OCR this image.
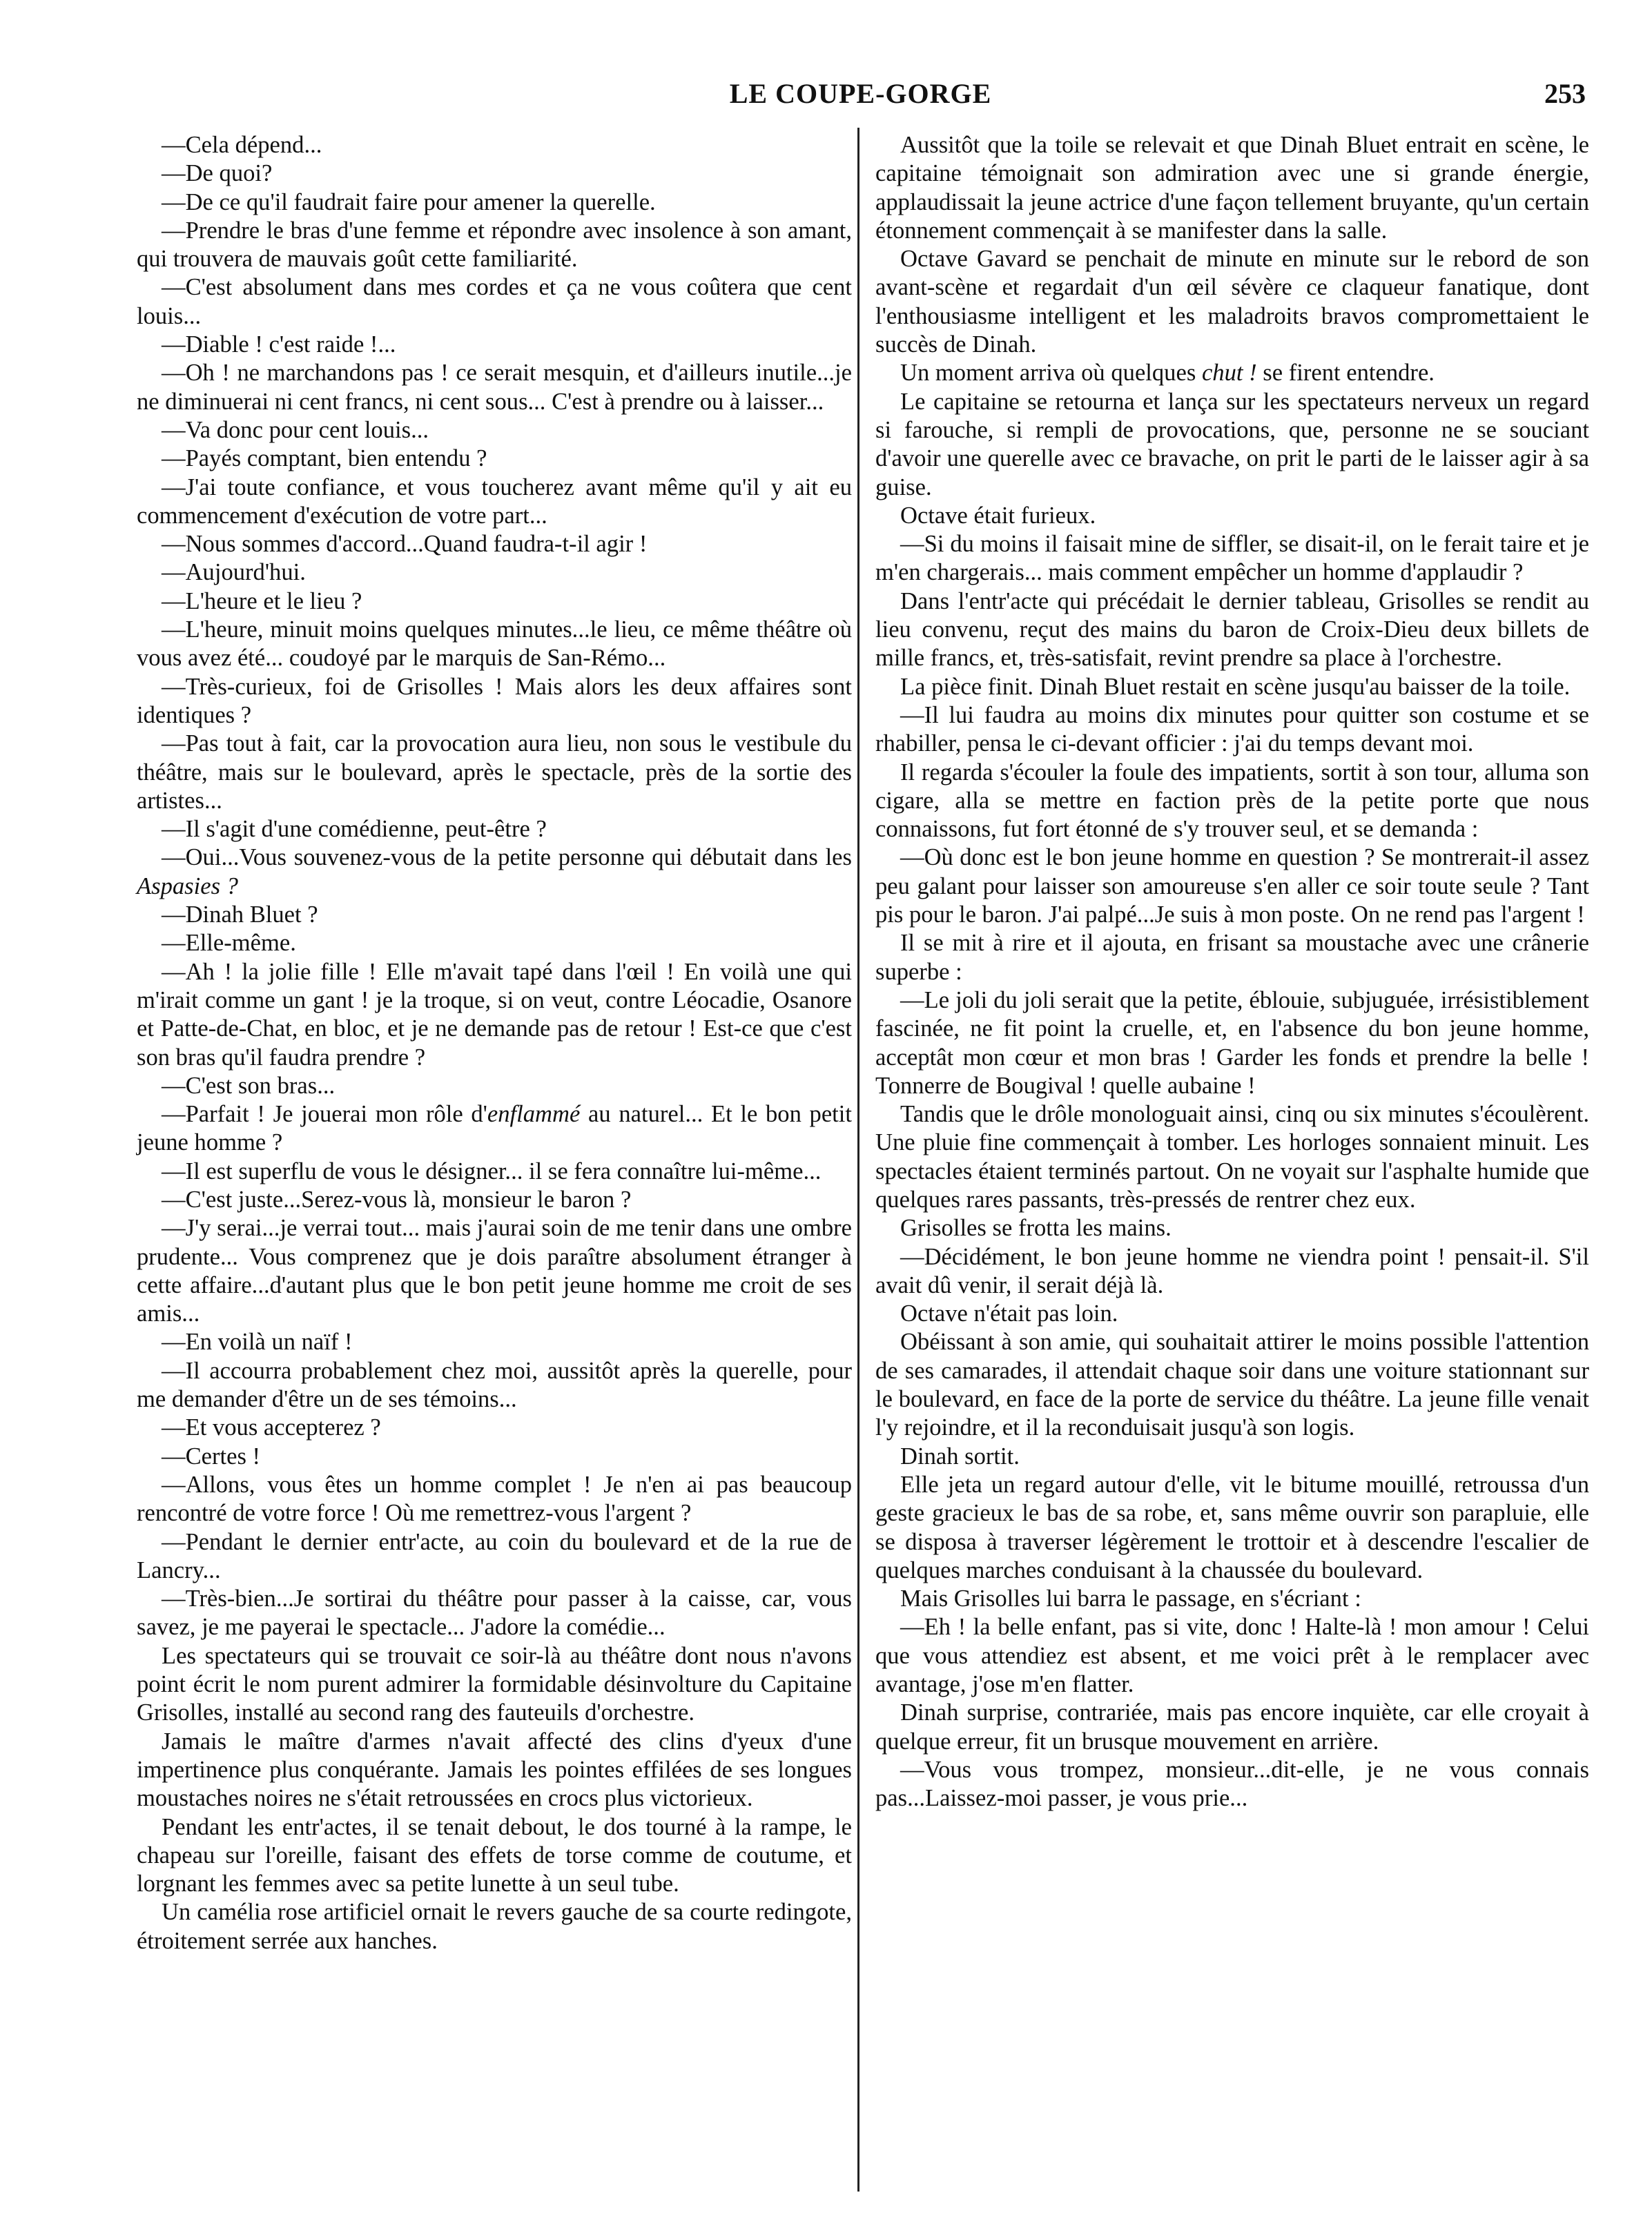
LE COUPE-GORGE	253

—Cela dépend...

—De quoi?

—De ce qu'il faudrait faire pour amener la querelle.

—Prendre le bras d'une femme et répondre avec insolence à son amant, qui trouvera de mauvais goût cette familiarité.

—C'est absolument dans mes cordes et ça ne vous coûtera que cent louis...

—Diable ! c'est raide !...

—Oh ! ne marchandons pas ! ce serait mesquin, et d'ailleurs inutile...je ne diminuerai ni cent francs, ni cent sous... C'est à prendre ou à laisser...

—Va donc pour cent louis...

—Payés comptant, bien entendu ?

—J'ai toute confiance, et vous toucherez avant même qu'il y ait eu commencement d'exécution de votre part...

—Nous sommes d'accord...Quand faudra-t-il agir !

—Aujourd'hui.

—L'heure et le lieu ?

—L'heure, minuit moins quelques minutes...le lieu, ce même théâtre où vous avez été... coudoyé par le marquis de San-Rémo...

—Très-curieux, foi de Grisolles ! Mais alors les deux affaires sont identiques ?

—Pas tout à fait, car la provocation aura lieu, non sous le vestibule du théâtre, mais sur le boulevard, après le spectacle, près de la sortie des artistes...

—Il s'agit d'une comédienne, peut-être ?

—Oui...Vous souvenez-vous de la petite personne qui débutait dans les Aspasies ?

—Dinah Bluet ?

—Elle-même.

—Ah ! la jolie fille ! Elle m'avait tapé dans l'œil ! En voilà une qui m'irait comme un gant ! je la troque, si on veut, contre Léocadie, Osanore et Patte-de-Chat, en bloc, et je ne demande pas de retour ! Est-ce que c'est son bras qu'il faudra prendre ?

—C'est son bras...

—Parfait ! Je jouerai mon rôle d'enflammé au naturel... Et le bon petit jeune homme ?

—Il est superflu de vous le désigner... il se fera connaître lui-même...

—C'est juste...Serez-vous là, monsieur le baron ?

—J'y serai...je verrai tout... mais j'aurai soin de me tenir dans une ombre prudente... Vous comprenez que je dois paraître absolument étranger à cette affaire...d'autant plus que le bon petit jeune homme me croit de ses amis...

—En voilà un naïf !

—Il accourra probablement chez moi, aussitôt après la querelle, pour me demander d'être un de ses témoins...

—Et vous accepterez ?

—Certes !

—Allons, vous êtes un homme complet ! Je n'en ai pas beaucoup rencontré de votre force ! Où me remettrez-vous l'argent ?

—Pendant le dernier entr'acte, au coin du boulevard et de la rue de Lancry...

—Très-bien...Je sortirai du théâtre pour passer à la caisse, car, vous savez, je me payerai le spectacle... J'adore la comédie...

Les spectateurs qui se trouvait ce soir-là au théâtre dont nous n'avons point écrit le nom purent admirer la formidable désinvolture du Capitaine Grisolles, installé au second rang des fauteuils d'orchestre.

Jamais le maître d'armes n'avait affecté des clins d'yeux d'une impertinence plus conquérante. Jamais les pointes effilées de ses longues moustaches noires ne s'était retroussées en crocs plus victorieux.

Pendant les entr'actes, il se tenait debout, le dos tourné à la rampe, le chapeau sur l'oreille, faisant des effets de torse comme de coutume, et lorgnant les femmes avec sa petite lunette à un seul tube.

Un camélia rose artificiel ornait le revers gauche de sa courte redingote, étroitement serrée aux hanches.

Aussitôt que la toile se relevait et que Dinah Bluet entrait en scène, le capitaine témoignait son admiration avec une si grande énergie, applaudissait la jeune actrice d'une façon tellement bruyante, qu'un certain étonnement commençait à se manifester dans la salle.

Octave Gavard se penchait de minute en minute sur le rebord de son avant-scène et regardait d'un œil sévère ce claqueur fanatique, dont l'enthousiasme intelligent et les maladroits bravos compromettaient le succès de Dinah.

Un moment arriva où quelques chut ! se firent entendre.

Le capitaine se retourna et lança sur les spectateurs nerveux un regard si farouche, si rempli de provocations, que, personne ne se souciant d'avoir une querelle avec ce bravache, on prit le parti de le laisser agir à sa guise.

Octave était furieux.

—Si du moins il faisait mine de siffler, se disait-il, on le ferait taire et je m'en chargerais... mais comment empêcher un homme d'applaudir ?

Dans l'entr'acte qui précédait le dernier tableau, Grisolles se rendit au lieu convenu, reçut des mains du baron de Croix-Dieu deux billets de mille francs, et, très-satisfait, revint prendre sa place à l'orchestre.

La pièce finit. Dinah Bluet restait en scène jusqu'au baisser de la toile.

—Il lui faudra au moins dix minutes pour quitter son costume et se rhabiller, pensa le ci-devant officier : j'ai du temps devant moi.

Il regarda s'écouler la foule des impatients, sortit à son tour, alluma son cigare, alla se mettre en faction près de la petite porte que nous connaissons, fut fort étonné de s'y trouver seul, et se demanda :

—Où donc est le bon jeune homme en question ? Se montrerait-il assez peu galant pour laisser son amoureuse s'en aller ce soir toute seule ? Tant pis pour le baron. J'ai palpé...Je suis à mon poste. On ne rend pas l'argent !

Il se mit à rire et il ajouta, en frisant sa moustache avec une crânerie superbe :

—Le joli du joli serait que la petite, éblouie, subjuguée, irrésistiblement fascinée, ne fit point la cruelle, et, en l'absence du bon jeune homme, acceptât mon cœur et mon bras ! Garder les fonds et prendre la belle ! Tonnerre de Bougival ! quelle aubaine !

Tandis que le drôle monologuait ainsi, cinq ou six minutes s'écoulèrent. Une pluie fine commençait à tomber. Les horloges sonnaient minuit. Les spectacles étaient terminés partout. On ne voyait sur l'asphalte humide que quelques rares passants, très-pressés de rentrer chez eux.

Grisolles se frotta les mains.

—Décidément, le bon jeune homme ne viendra point ! pensait-il. S'il avait dû venir, il serait déjà là.

Octave n'était pas loin.

Obéissant à son amie, qui souhaitait attirer le moins possible l'attention de ses camarades, il attendait chaque soir dans une voiture stationnant sur le boulevard, en face de la porte de service du théâtre. La jeune fille venait l'y rejoindre, et il la reconduisait jusqu'à son logis.

Dinah sortit.

Elle jeta un regard autour d'elle, vit le bitume mouillé, retroussa d'un geste gracieux le bas de sa robe, et, sans même ouvrir son parapluie, elle se disposa à traverser légèrement le trottoir et à descendre l'escalier de quelques marches conduisant à la chaussée du boulevard.

Mais Grisolles lui barra le passage, en s'écriant :

—Eh ! la belle enfant, pas si vite, donc ! Halte-là ! mon amour ! Celui que vous attendiez est absent, et me voici prêt à le remplacer avec avantage, j'ose m'en flatter.

Dinah surprise, contrariée, mais pas encore inquiète, car elle croyait à quelque erreur, fit un brusque mouvement en arrière.

—Vous vous trompez, monsieur...dit-elle, je ne vous connais pas...Laissez-moi passer, je vous prie...
